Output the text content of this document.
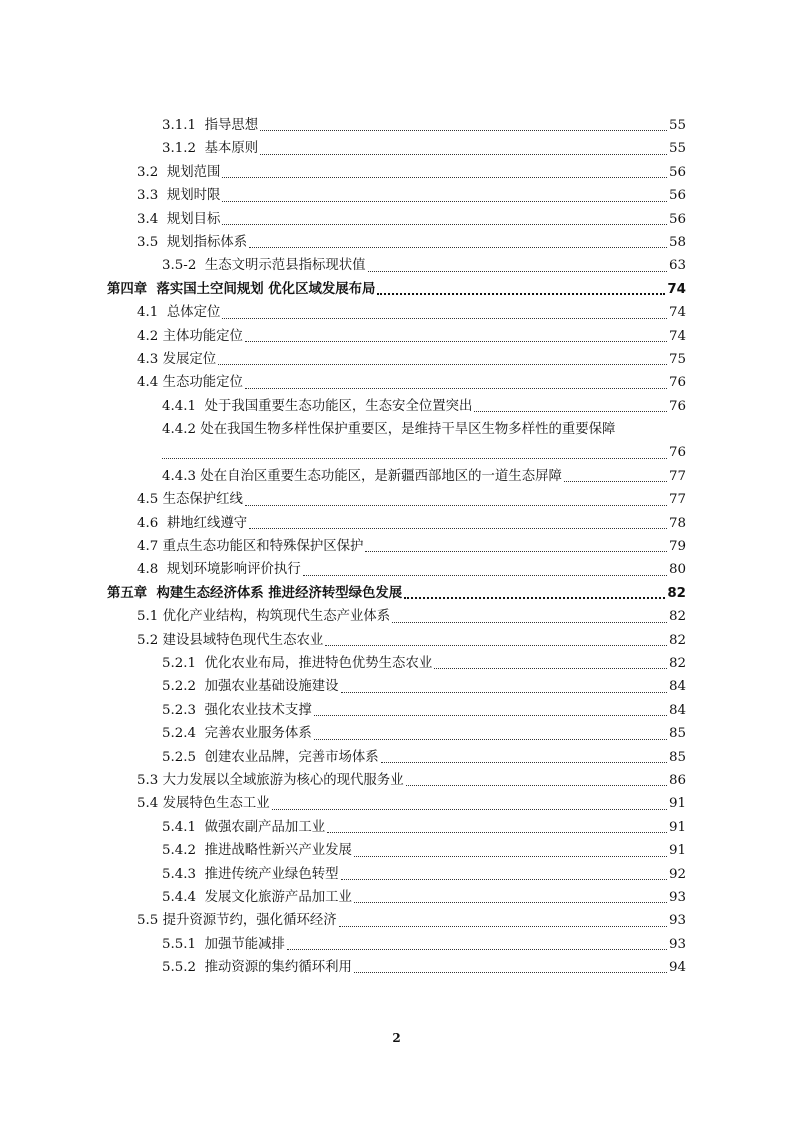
3.1.1 指导思想	55
3.1.2 基本原则	55
3.2 规划范围	56
3.3 规划时限	56
3.4 规划目标	56
3.5 规划指标体系	58
3.5-2 生态文明示范县指标现状值	63
第四章 落实国土空间规划 优化区域发展布局	74
4.1 总体定位	74
4.2 主体功能定位	74
4.3 发展定位	75
4.4 生态功能定位	76
4.4.1 处于我国重要生态功能区，生态安全位置突出	76
4.4.2 处在我国生物多样性保护重要区，是维持干旱区生物多样性的重要保障
76
4.4.3 处在自治区重要生态功能区，是新疆西部地区的一道生态屏障	77
4.5 生态保护红线	77
4.6 耕地红线遵守	78
4.7 重点生态功能区和特殊保护区保护	79
4.8 规划环境影响评价执行	80
第五章 构建生态经济体系 推进经济转型绿色发展	82
5.1 优化产业结构，构筑现代生态产业体系	82
5.2 建设县域特色现代生态农业	82
5.2.1 优化农业布局，推进特色优势生态农业	82
5.2.2 加强农业基础设施建设	84
5.2.3 强化农业技术支撑	84
5.2.4 完善农业服务体系	85
5.2.5 创建农业品牌，完善市场体系	85
5.3 大力发展以全域旅游为核心的现代服务业	86
5.4 发展特色生态工业	91
5.4.1 做强农副产品加工业	91
5.4.2 推进战略性新兴产业发展	91
5.4.3 推进传统产业绿色转型	92
5.4.4 发展文化旅游产品加工业	93
5.5 提升资源节约，强化循环经济	93
5.5.1 加强节能减排	93
5.5.2 推动资源的集约循环利用	94
2
